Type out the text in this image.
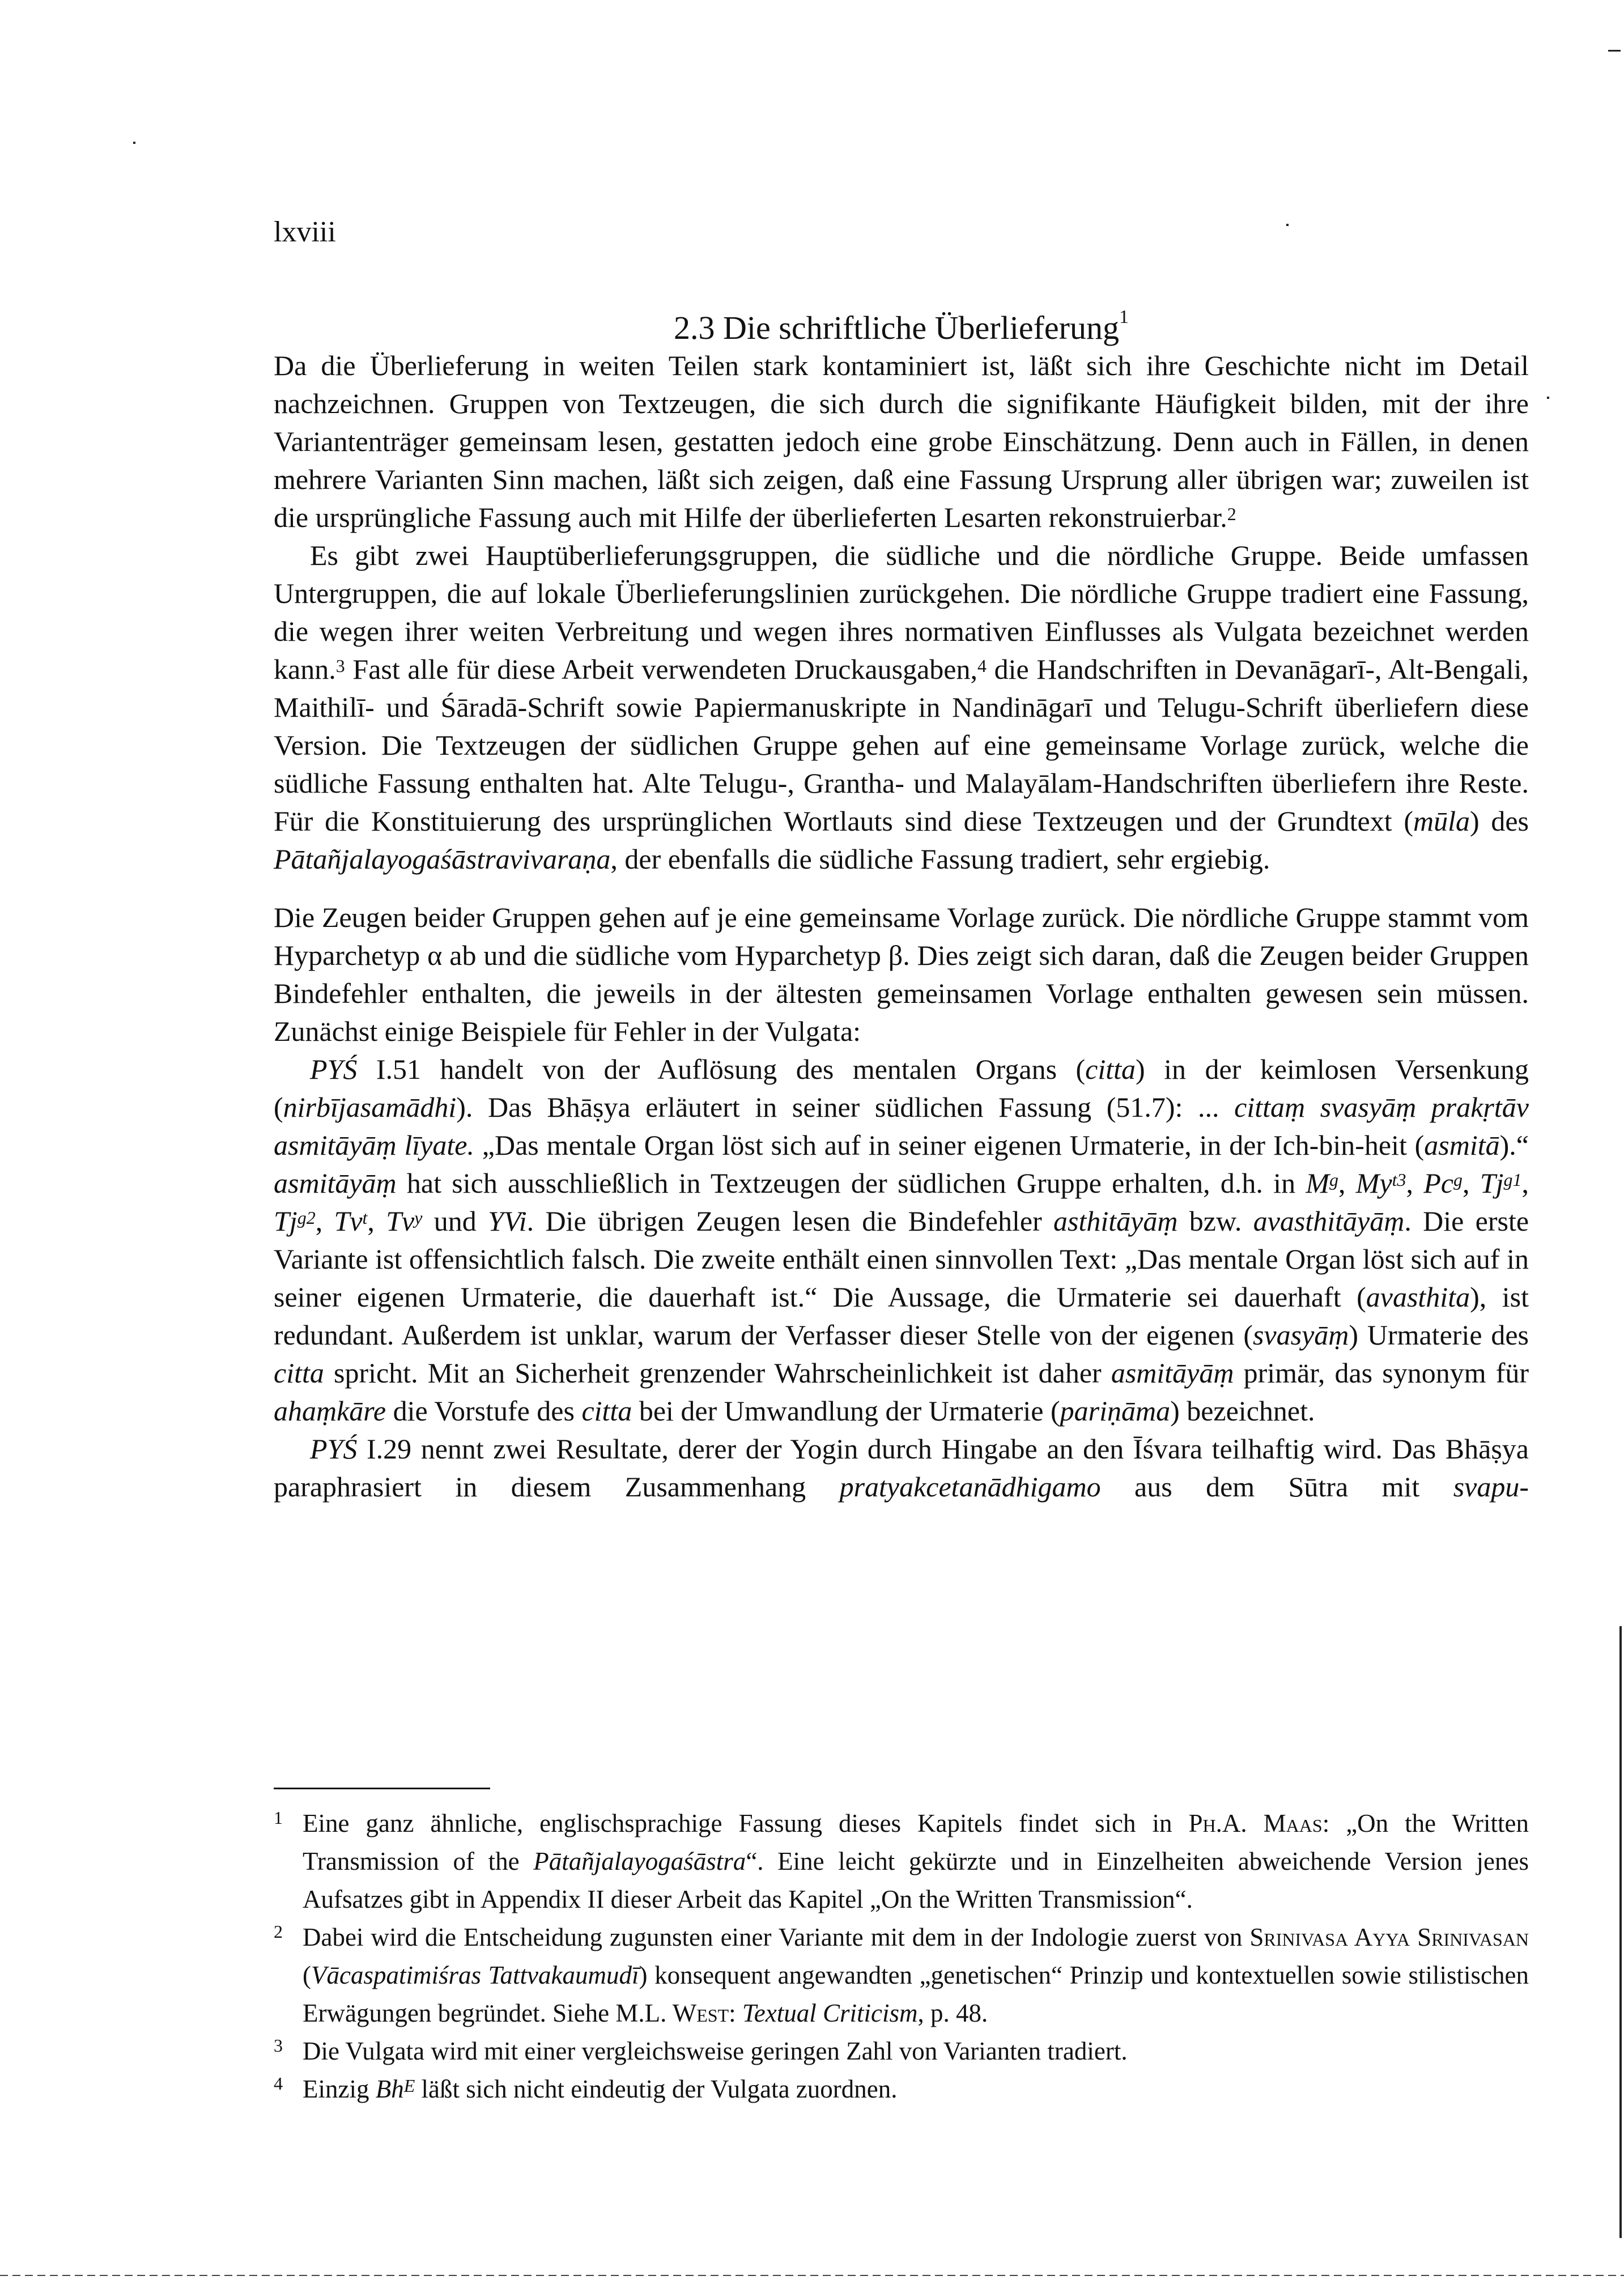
lxviii
2.3 Die schriftliche Überlieferung$^1$

Da die Überlieferung in weiten Teilen stark kontaminiert ist, läßt sich ihre Geschichte nicht im Detail nachzeichnen. Gruppen von Textzeugen, die sich durch die signifikante Häufigkeit bilden, mit der ihre Variantenträger gemeinsam lesen, gestatten jedoch eine grobe Einschätzung. Denn auch in Fällen, in denen mehrere Varianten Sinn machen, läßt sich zeigen, daß eine Fassung Ursprung aller übrigen war; zuweilen ist die ursprüngliche Fassung auch mit Hilfe der überlieferten Lesarten rekonstruierbar.$^2$

Es gibt zwei Hauptüberlieferungsgruppen, die südliche und die nördliche Gruppe. Beide umfassen Untergruppen, die auf lokale Überlieferungslinien zurückgehen. Die nördliche Gruppe tradiert eine Fassung, die wegen ihrer weiten Verbreitung und wegen ihres normativen Einflusses als Vulgata bezeichnet werden kann.$^3$ Fast alle für diese Arbeit verwendeten Druckausgaben,$^4$ die Handschriften in Devanāgarī-, Alt-Bengali, Maithilī- und Śāradā-Schrift sowie Papiermanuskripte in Nandināgarī und Telugu-Schrift überliefern diese Version. Die Textzeugen der südlichen Gruppe gehen auf eine gemeinsame Vorlage zurück, welche die südliche Fassung enthalten hat. Alte Telugu-, Grantha- und Malayālam-Handschriften überliefern ihre Reste. Für die Konstituierung des ursprünglichen Wortlauts sind diese Textzeugen und der Grundtext (mūla) des Pātañjalayogaśāstravivaraṇa, der ebenfalls die südliche Fassung tradiert, sehr ergiebig.

Die Zeugen beider Gruppen gehen auf je eine gemeinsame Vorlage zurück. Die nördliche Gruppe stammt vom Hyparchetyp α ab und die südliche vom Hyparchetyp β. Dies zeigt sich daran, daß die Zeugen beider Gruppen Bindefehler enthalten, die jeweils in der ältesten gemeinsamen Vorlage enthalten gewesen sein müssen. Zunächst einige Beispiele für Fehler in der Vulgata:

PYŚ I.51 handelt von der Auflösung des mentalen Organs (citta) in der keimlosen Versenkung (nirbījasamādhi). Das Bhāṣya erläutert in seiner südlichen Fassung (51.7): ... cittaṃ svasyāṃ prakṛtāv asmitāyāṃ līyate. „Das mentale Organ löst sich auf in seiner eigenen Urmaterie, in der Ich-bin-heit (asmitā).“ asmitāyāṃ hat sich ausschließlich in Textzeugen der südlichen Gruppe erhalten, d.h. in $M^g$, $My^{t3}$, Pc$^g$, $Tj^{g1}$, $Tj^{g2}$, Tv$^t$, Tv$^y$ und YVi. Die übrigen Zeugen lesen die Bindefehler asthitāyāṃ bzw. avasthitāyāṃ. Die erste Variante ist offensichtlich falsch. Die zweite enthält einen sinnvollen Text: „Das mentale Organ löst sich auf in seiner eigenen Urmaterie, die dauerhaft ist.“ Die Aussage, die Urmaterie sei dauerhaft (avasthita), ist redundant. Außerdem ist unklar, warum der Verfasser dieser Stelle von der eigenen (svasyāṃ) Urmaterie des citta spricht. Mit an Sicherheit grenzender Wahrscheinlichkeit ist daher asmitāyāṃ primär, das synonym für ahaṃkāre die Vorstufe des citta bei der Umwandlung der Urmaterie (pariṇāma) bezeichnet.

PYŚ I.29 nennt zwei Resultate, derer der Yogin durch Hingabe an den Īśvara teilhaftig wird. Das Bhāṣya paraphrasiert in diesem Zusammenhang pratyakcetanādhigamo aus dem Sūtra mit svapu-

1 Eine ganz ähnliche, englischsprachige Fassung dieses Kapitels findet sich in Ph.A. Maas: „On the Written Transmission of the Pātañjalayogaśāstra“. Eine leicht gekürzte und in Einzelheiten abweichende Version jenes Aufsatzes gibt in Appendix II dieser Arbeit das Kapitel „On the Written Transmission“.

2 Dabei wird die Entscheidung zugunsten einer Variante mit dem in der Indologie zuerst von Srinivasa Ayya Srinivasan (Vācaspatimiśras Tattvakaumudī) konsequent angewandten „genetischen“ Prinzip und kontextuellen sowie stilistischen Erwägungen begründet. Siehe M.L. West: Textual Criticism, p. 48.

3 Die Vulgata wird mit einer vergleichsweise geringen Zahl von Varianten tradiert.

4 Einzig $Bh^E$ läßt sich nicht eindeutig der Vulgata zuordnen.
